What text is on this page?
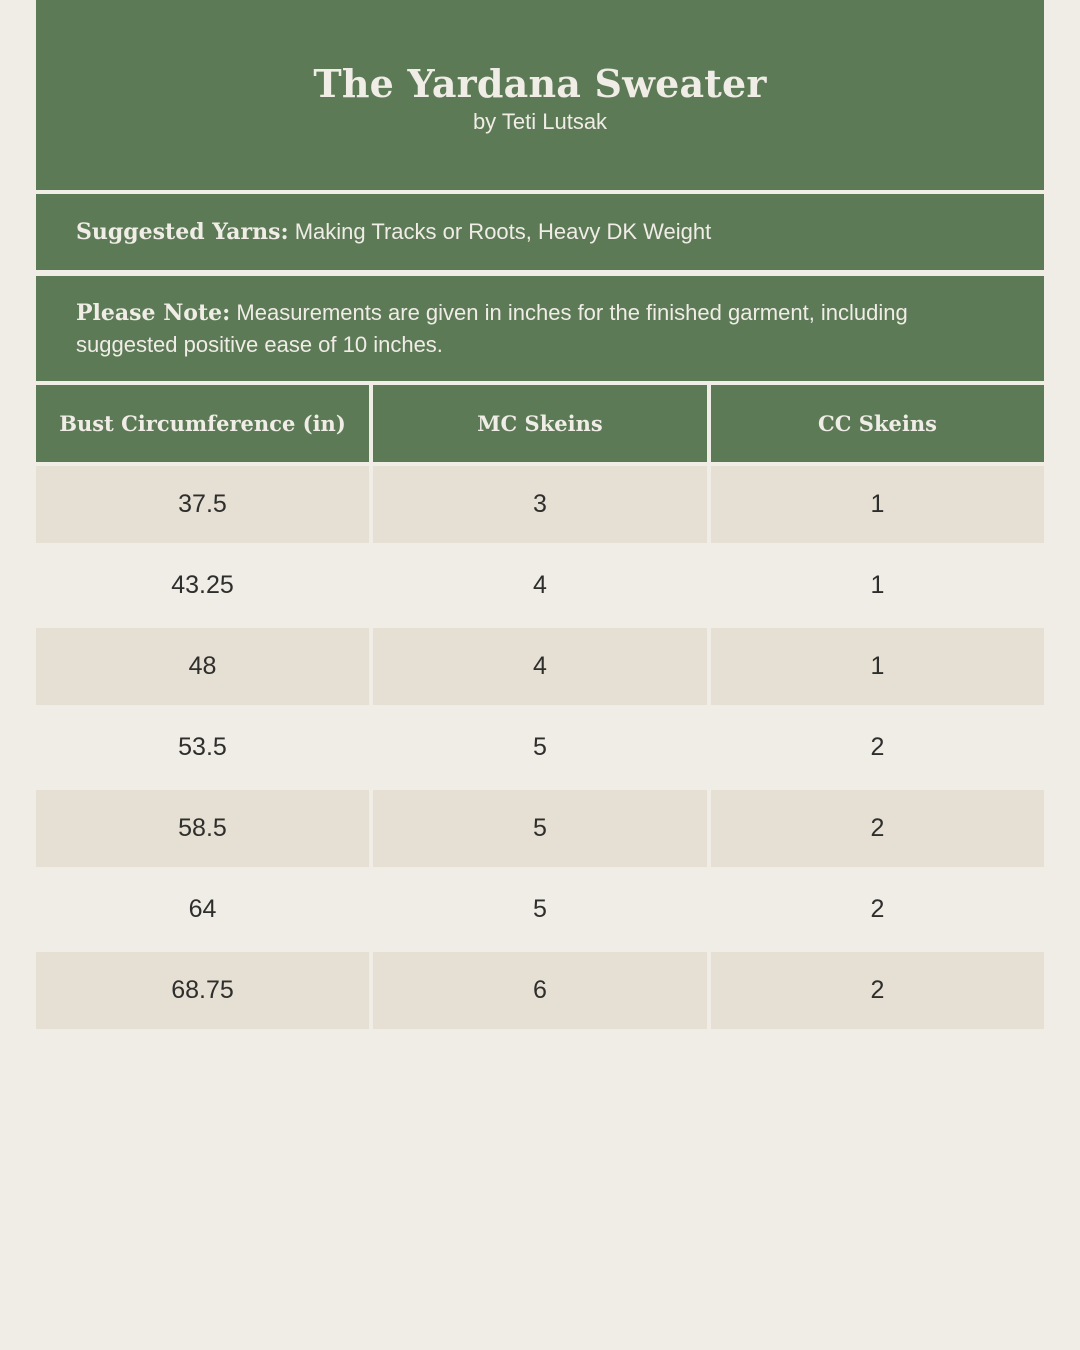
The Yardana Sweater
by Teti Lutsak
Suggested Yarns: Making Tracks or Roots, Heavy DK Weight
Please Note: Measurements are given in inches for the finished garment, including suggested positive ease of 10 inches.
Bust Circumference (in)	MC Skeins	CC Skeins
37.5	3	1
43.25	4	1
48	4	1
53.5	5	2
58.5	5	2
64	5	2
68.75	6	2
